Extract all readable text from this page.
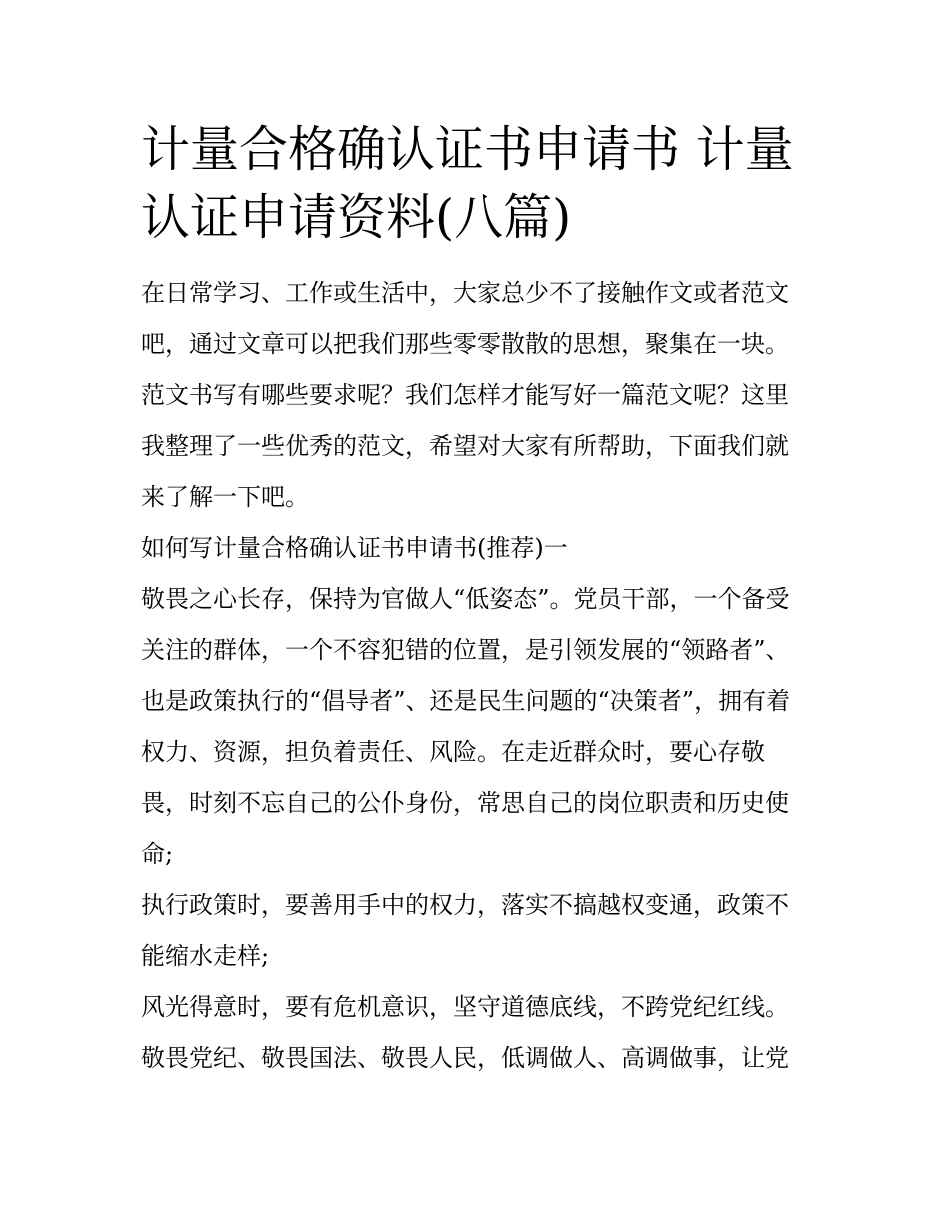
计量合格确认证书申请书 计量
认证申请资料(八篇)
在日常学习、工作或生活中，大家总少不了接触作文或者范文
吧，通过文章可以把我们那些零零散散的思想，聚集在一块。
范文书写有哪些要求呢？我们怎样才能写好一篇范文呢？这里
我整理了一些优秀的范文，希望对大家有所帮助，下面我们就
来了解一下吧。
如何写计量合格确认证书申请书(推荐)一
敬畏之心长存，保持为官做人“低姿态”。党员干部，一个备受
关注的群体，一个不容犯错的位置，是引领发展的“领路者”、
也是政策执行的“倡导者”、还是民生问题的“决策者”，拥有着
权力、资源，担负着责任、风险。在走近群众时，要心存敬
畏，时刻不忘自己的公仆身份，常思自己的岗位职责和历史使
命;
执行政策时，要善用手中的权力，落实不搞越权变通，政策不
能缩水走样;
风光得意时，要有危机意识，坚守道德底线，不跨党纪红线。
敬畏党纪、敬畏国法、敬畏人民，低调做人、高调做事，让党
